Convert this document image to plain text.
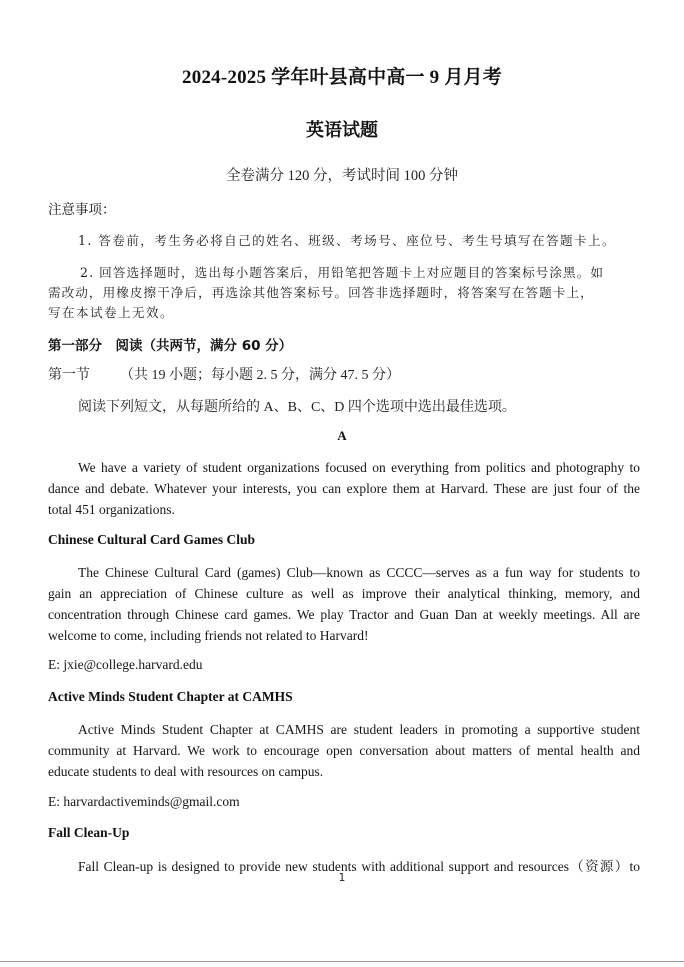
2024-2025 学年叶县高中高一 9 月月考
英语试题
全卷满分 120 分，考试时间 100 分钟
注意事项：
1. 答卷前，考生务必将自己的姓名、班级、考场号、座位号、考生号填写在答题卡上。
2. 回答选择题时，选出每小题答案后，用铅笔把答题卡上对应题目的答案标号涂黑。如
需改动，用橡皮擦干净后，再选涂其他答案标号。回答非选择题时，将答案写在答题卡上，
写在本试卷上无效。
第一部分　阅读（共两节，满分 60 分）
第一节 （共 19 小题；每小题 2. 5 分，满分 47. 5 分）
阅读下列短文，从每题所给的 A、B、C、D 四个选项中选出最佳选项。
A
We have a variety of student organizations focused on everything from politics and photography to
dance and debate. Whatever your interests, you can explore them at Harvard. These are just four of the
total 451 organizations.
Chinese Cultural Card Games Club
The Chinese Cultural Card (games) Club—known as CCCC—serves as a fun way for students to
gain an appreciation of Chinese culture as well as improve their analytical thinking, memory, and
concentration through Chinese card games. We play Tractor and Guan Dan at weekly meetings. All are
welcome to come, including friends not related to Harvard!
E: jxie@college.harvard.edu
Active Minds Student Chapter at CAMHS
Active Minds Student Chapter at CAMHS are student leaders in promoting a supportive student
community at Harvard. We work to encourage open conversation about matters of mental health and
educate students to deal with resources on campus.
E: harvardactiveminds@gmail.com
Fall Clean-Up
Fall Clean-up is designed to provide new students with additional support and resources（资源）to
1
